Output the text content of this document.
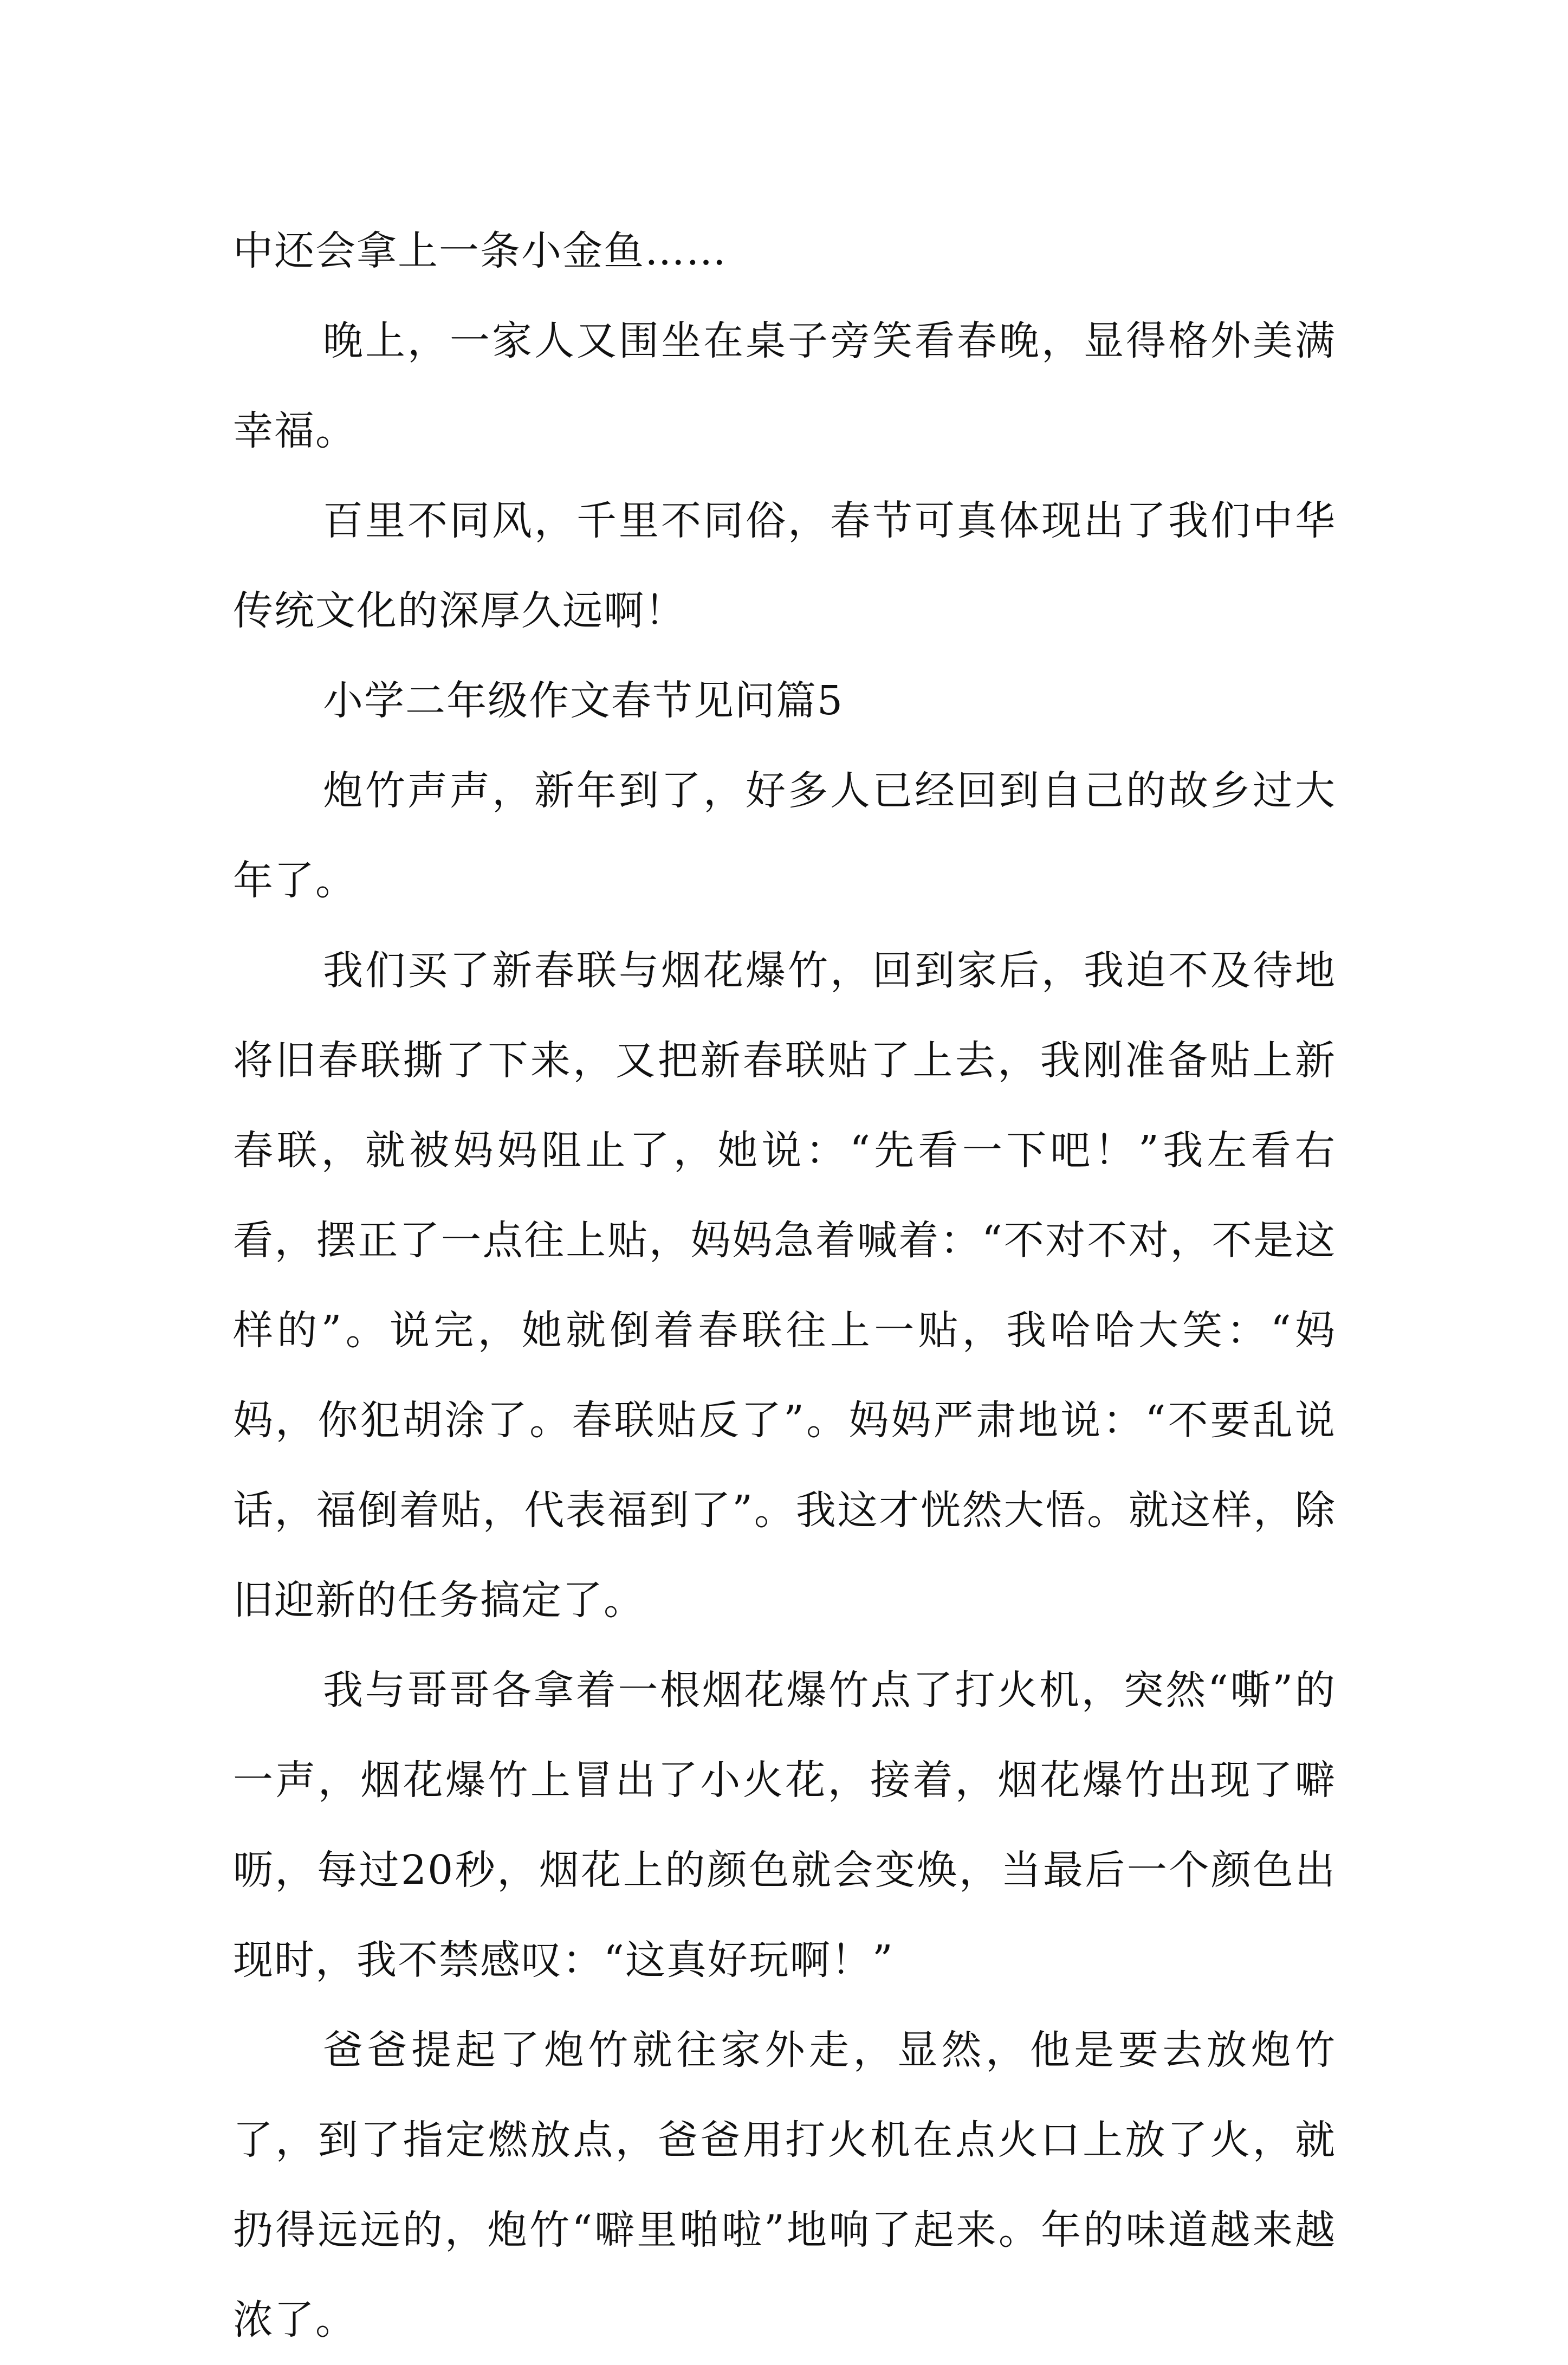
中还会拿上一条小金鱼……

晚上，一家人又围坐在桌子旁笑看春晚，显得格外美满幸福。

百里不同风，千里不同俗，春节可真体现出了我们中华传统文化的深厚久远啊！

小学二年级作文春节见问篇5

炮竹声声，新年到了，好多人已经回到自己的故乡过大年了。

我们买了新春联与烟花爆竹，回到家后，我迫不及待地将旧春联撕了下来，又把新春联贴了上去，我刚准备贴上新春联，就被妈妈阻止了，她说：“先看一下吧！”我左看右看，摆正了一点往上贴，妈妈急着喊着：“不对不对，不是这样的”。说完，她就倒着春联往上一贴，我哈哈大笑：“妈妈，你犯胡涂了。春联贴反了”。妈妈严肃地说：“不要乱说话，福倒着贴，代表福到了”。我这才恍然大悟。就这样，除旧迎新的任务搞定了。

我与哥哥各拿着一根烟花爆竹点了打火机，突然“嘶”的一声，烟花爆竹上冒出了小火花，接着，烟花爆竹出现了噼呖，每过20秒，烟花上的颜色就会变焕，当最后一个颜色出现时，我不禁感叹：“这真好玩啊！”

爸爸提起了炮竹就往家外走，显然，他是要去放炮竹了，到了指定燃放点，爸爸用打火机在点火口上放了火，就扔得远远的，炮竹“噼里啪啦”地响了起来。年的味道越来越浓了。
